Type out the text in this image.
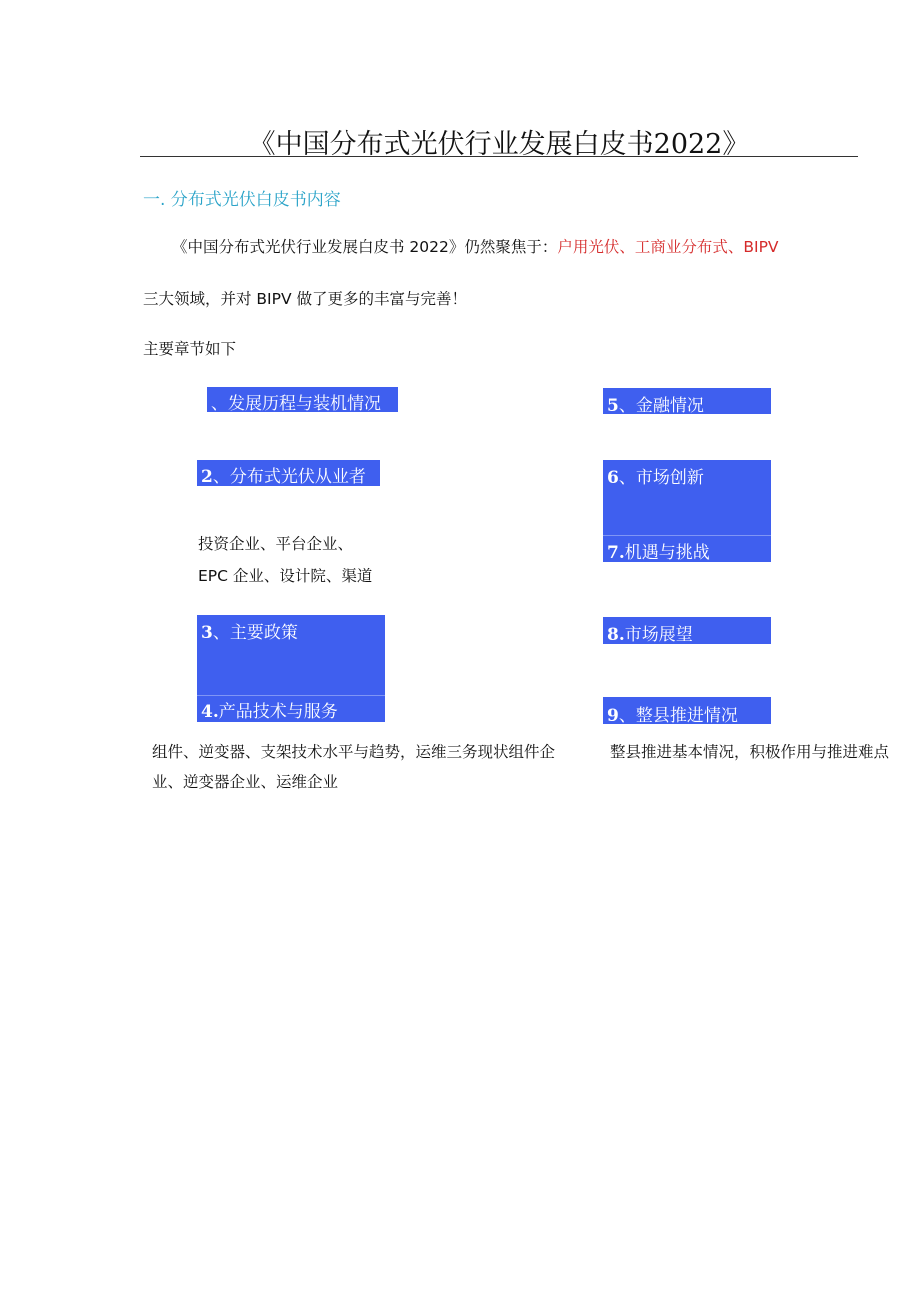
《中国分布式光伏行业发展白皮书2022》
一. 分布式光伏白皮书内容
《中国分布式光伏行业发展白皮书 2022》仍然聚焦于：户用光伏、工商业分布式、BIPV
三大领域，并对 BIPV 做了更多的丰富与完善！
主要章节如下
、发展历程与装机情况
2、分布式光伏从业者
投资企业、平台企业、
EPC 企业、设计院、渠道
3、主要政策
4.产品技术与服务
组件、逆变器、支架技术水平与趋势，运维三务现状组件企
业、逆变器企业、运维企业
5、金融情况
6、市场创新
7.机遇与挑战
8.市场展望
9、整县推进情况
整县推进基本情况，积极作用与推进难点
